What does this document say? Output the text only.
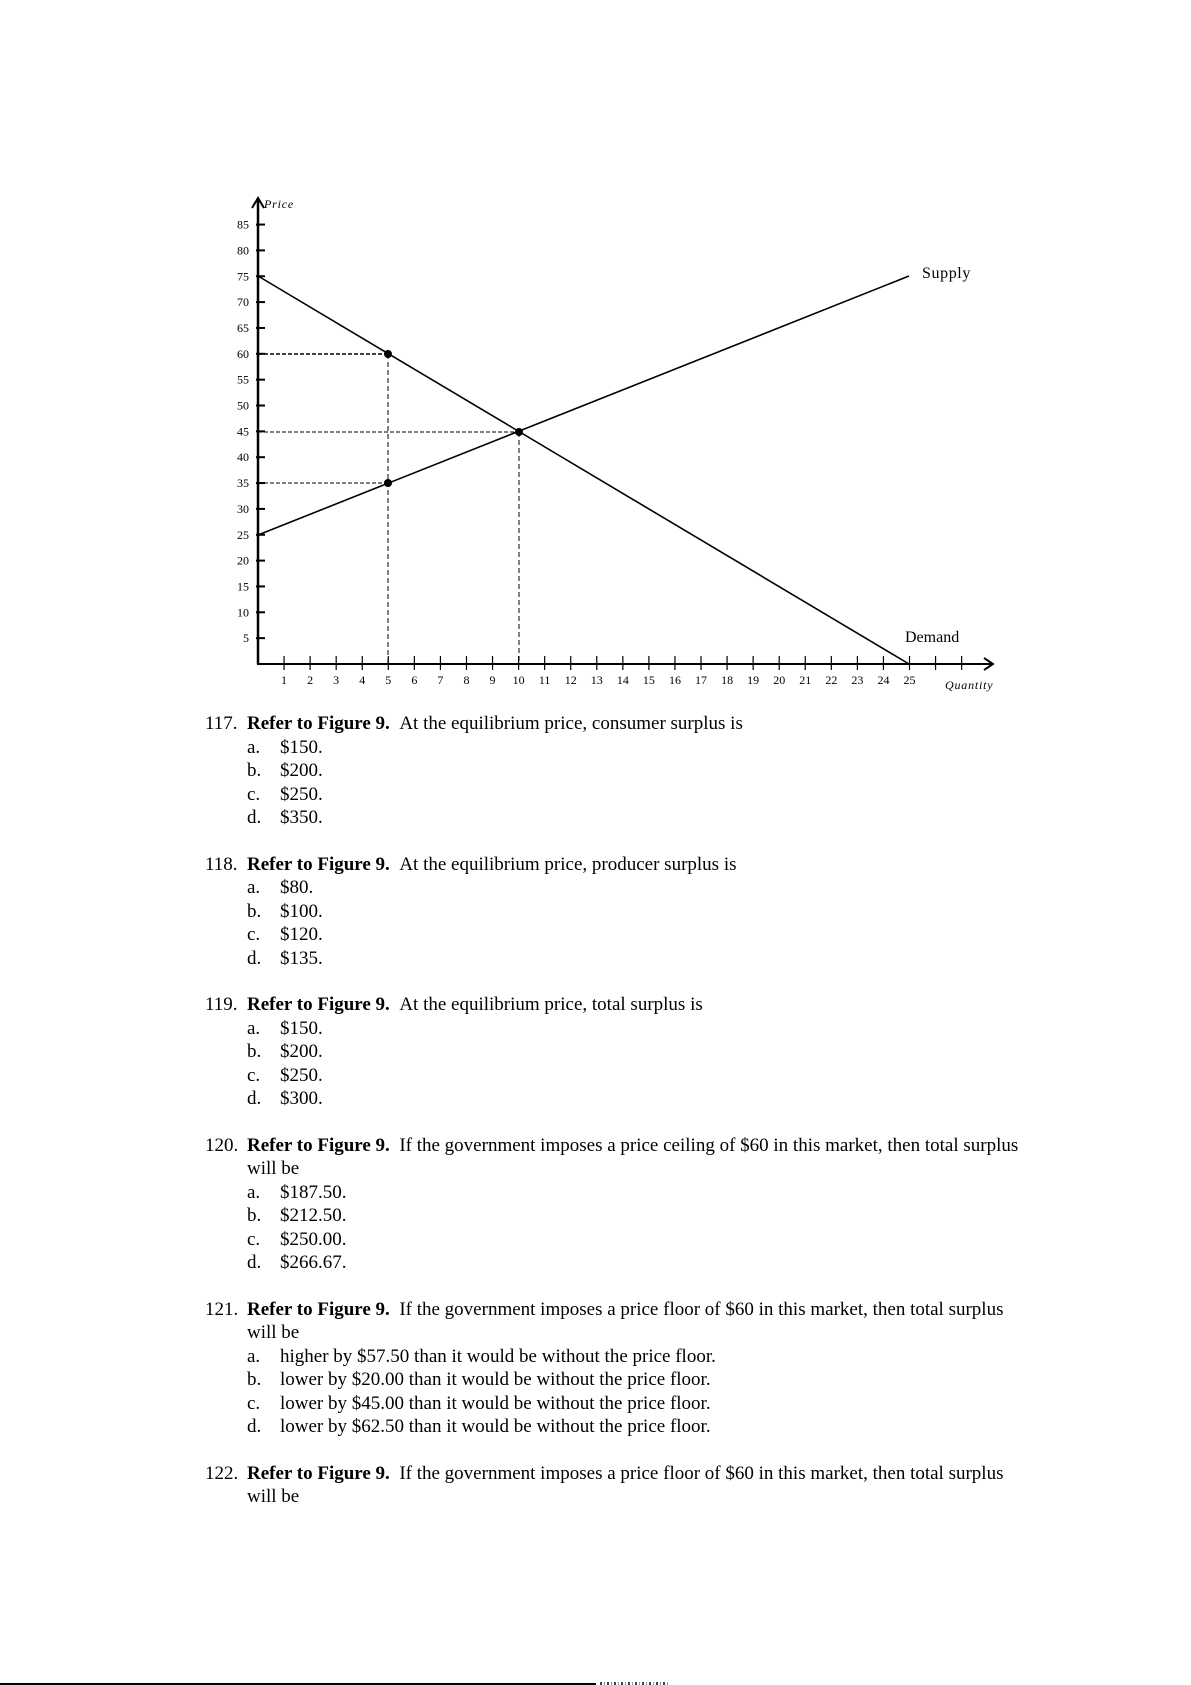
5
10
15
20
25
30
35
40
45
50
55
60
65
70
75
80
85
1 2 3 4 5 6 7 8 9 10 11 12 13 14 15 16 17 18 19 20 21 22 23 24 25
Price
Quantity
Supply
Demand
117. Refer to Figure 9. At the equilibrium price, consumer surplus is
a.	$150.
b. $200.
c.	$250.
d. $350.
118. Refer to Figure 9. At the equilibrium price, producer surplus is
a.	$80.
b. $100.
c.	$120.
d. $135.
119. Refer to Figure 9. At the equilibrium price, total surplus is
a.	$150.
b. $200.
c.	$250.
d. $300.
120. Refer to Figure 9. If the government imposes a price ceiling of $60 in this market, then total surplus will be
a.	$187.50.
b. $212.50.
c.	$250.00.
d. $266.67.
121. Refer to Figure 9. If the government imposes a price floor of $60 in this market, then total surplus will be
a.	higher by $57.50 than it would be without the price floor.
b. lower by $20.00 than it would be without the price floor.
c.	lower by $45.00 than it would be without the price floor.
d. lower by $62.50 than it would be without the price floor.
122. Refer to Figure 9. If the government imposes a price floor of $60 in this market, then total surplus will be
